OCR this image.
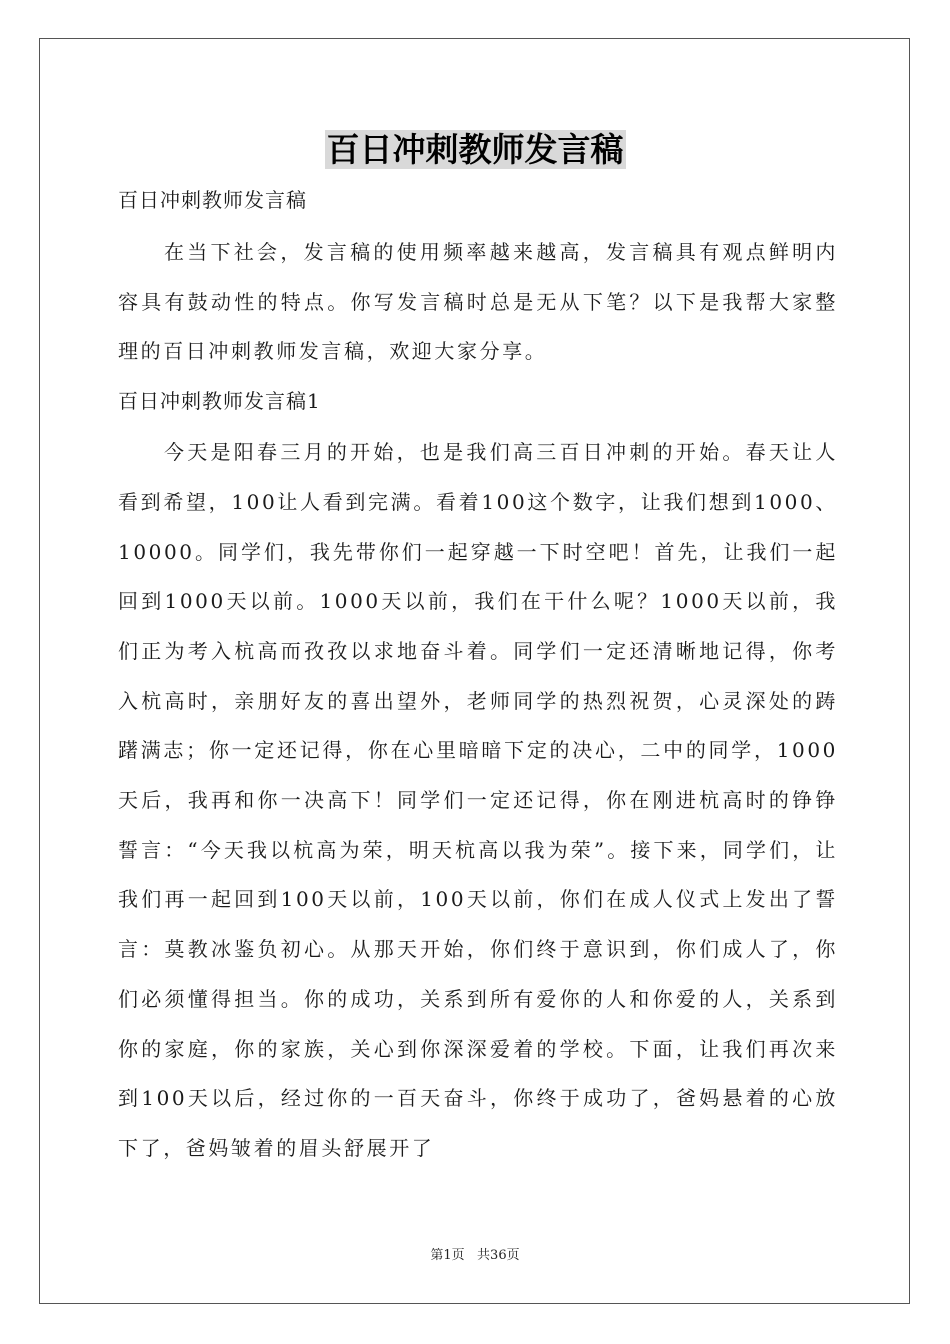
百日冲刺教师发言稿

百日冲刺教师发言稿

在当下社会，发言稿的使用频率越来越高，发言稿具有观点鲜明内容具有鼓动性的特点。你写发言稿时总是无从下笔？以下是我帮大家整理的百日冲刺教师发言稿，欢迎大家分享。

百日冲刺教师发言稿1

今天是阳春三月的开始，也是我们高三百日冲刺的开始。春天让人看到希望，100让人看到完满。看着100这个数字，让我们想到1000、10000。同学们，我先带你们一起穿越一下时空吧！首先，让我们一起回到1000天以前。1000天以前，我们在干什么呢？1000天以前，我们正为考入杭高而孜孜以求地奋斗着。同学们一定还清晰地记得，你考入杭高时，亲朋好友的喜出望外，老师同学的热烈祝贺，心灵深处的踌躇满志；你一定还记得，你在心里暗暗下定的决心，二中的同学，1000天后，我再和你一决高下！同学们一定还记得，你在刚进杭高时的铮铮誓言：“今天我以杭高为荣，明天杭高以我为荣”。接下来，同学们，让我们再一起回到100天以前，100天以前，你们在成人仪式上发出了誓言：莫教冰鉴负初心。从那天开始，你们终于意识到，你们成人了，你们必须懂得担当。你的成功，关系到所有爱你的人和你爱的人，关系到你的家庭，你的家族，关心到你深深爱着的学校。下面，让我们再次来到100天以后，经过你的一百天奋斗，你终于成功了，爸妈悬着的心放下了，爸妈皱着的眉头舒展开了

第1页   共36页
